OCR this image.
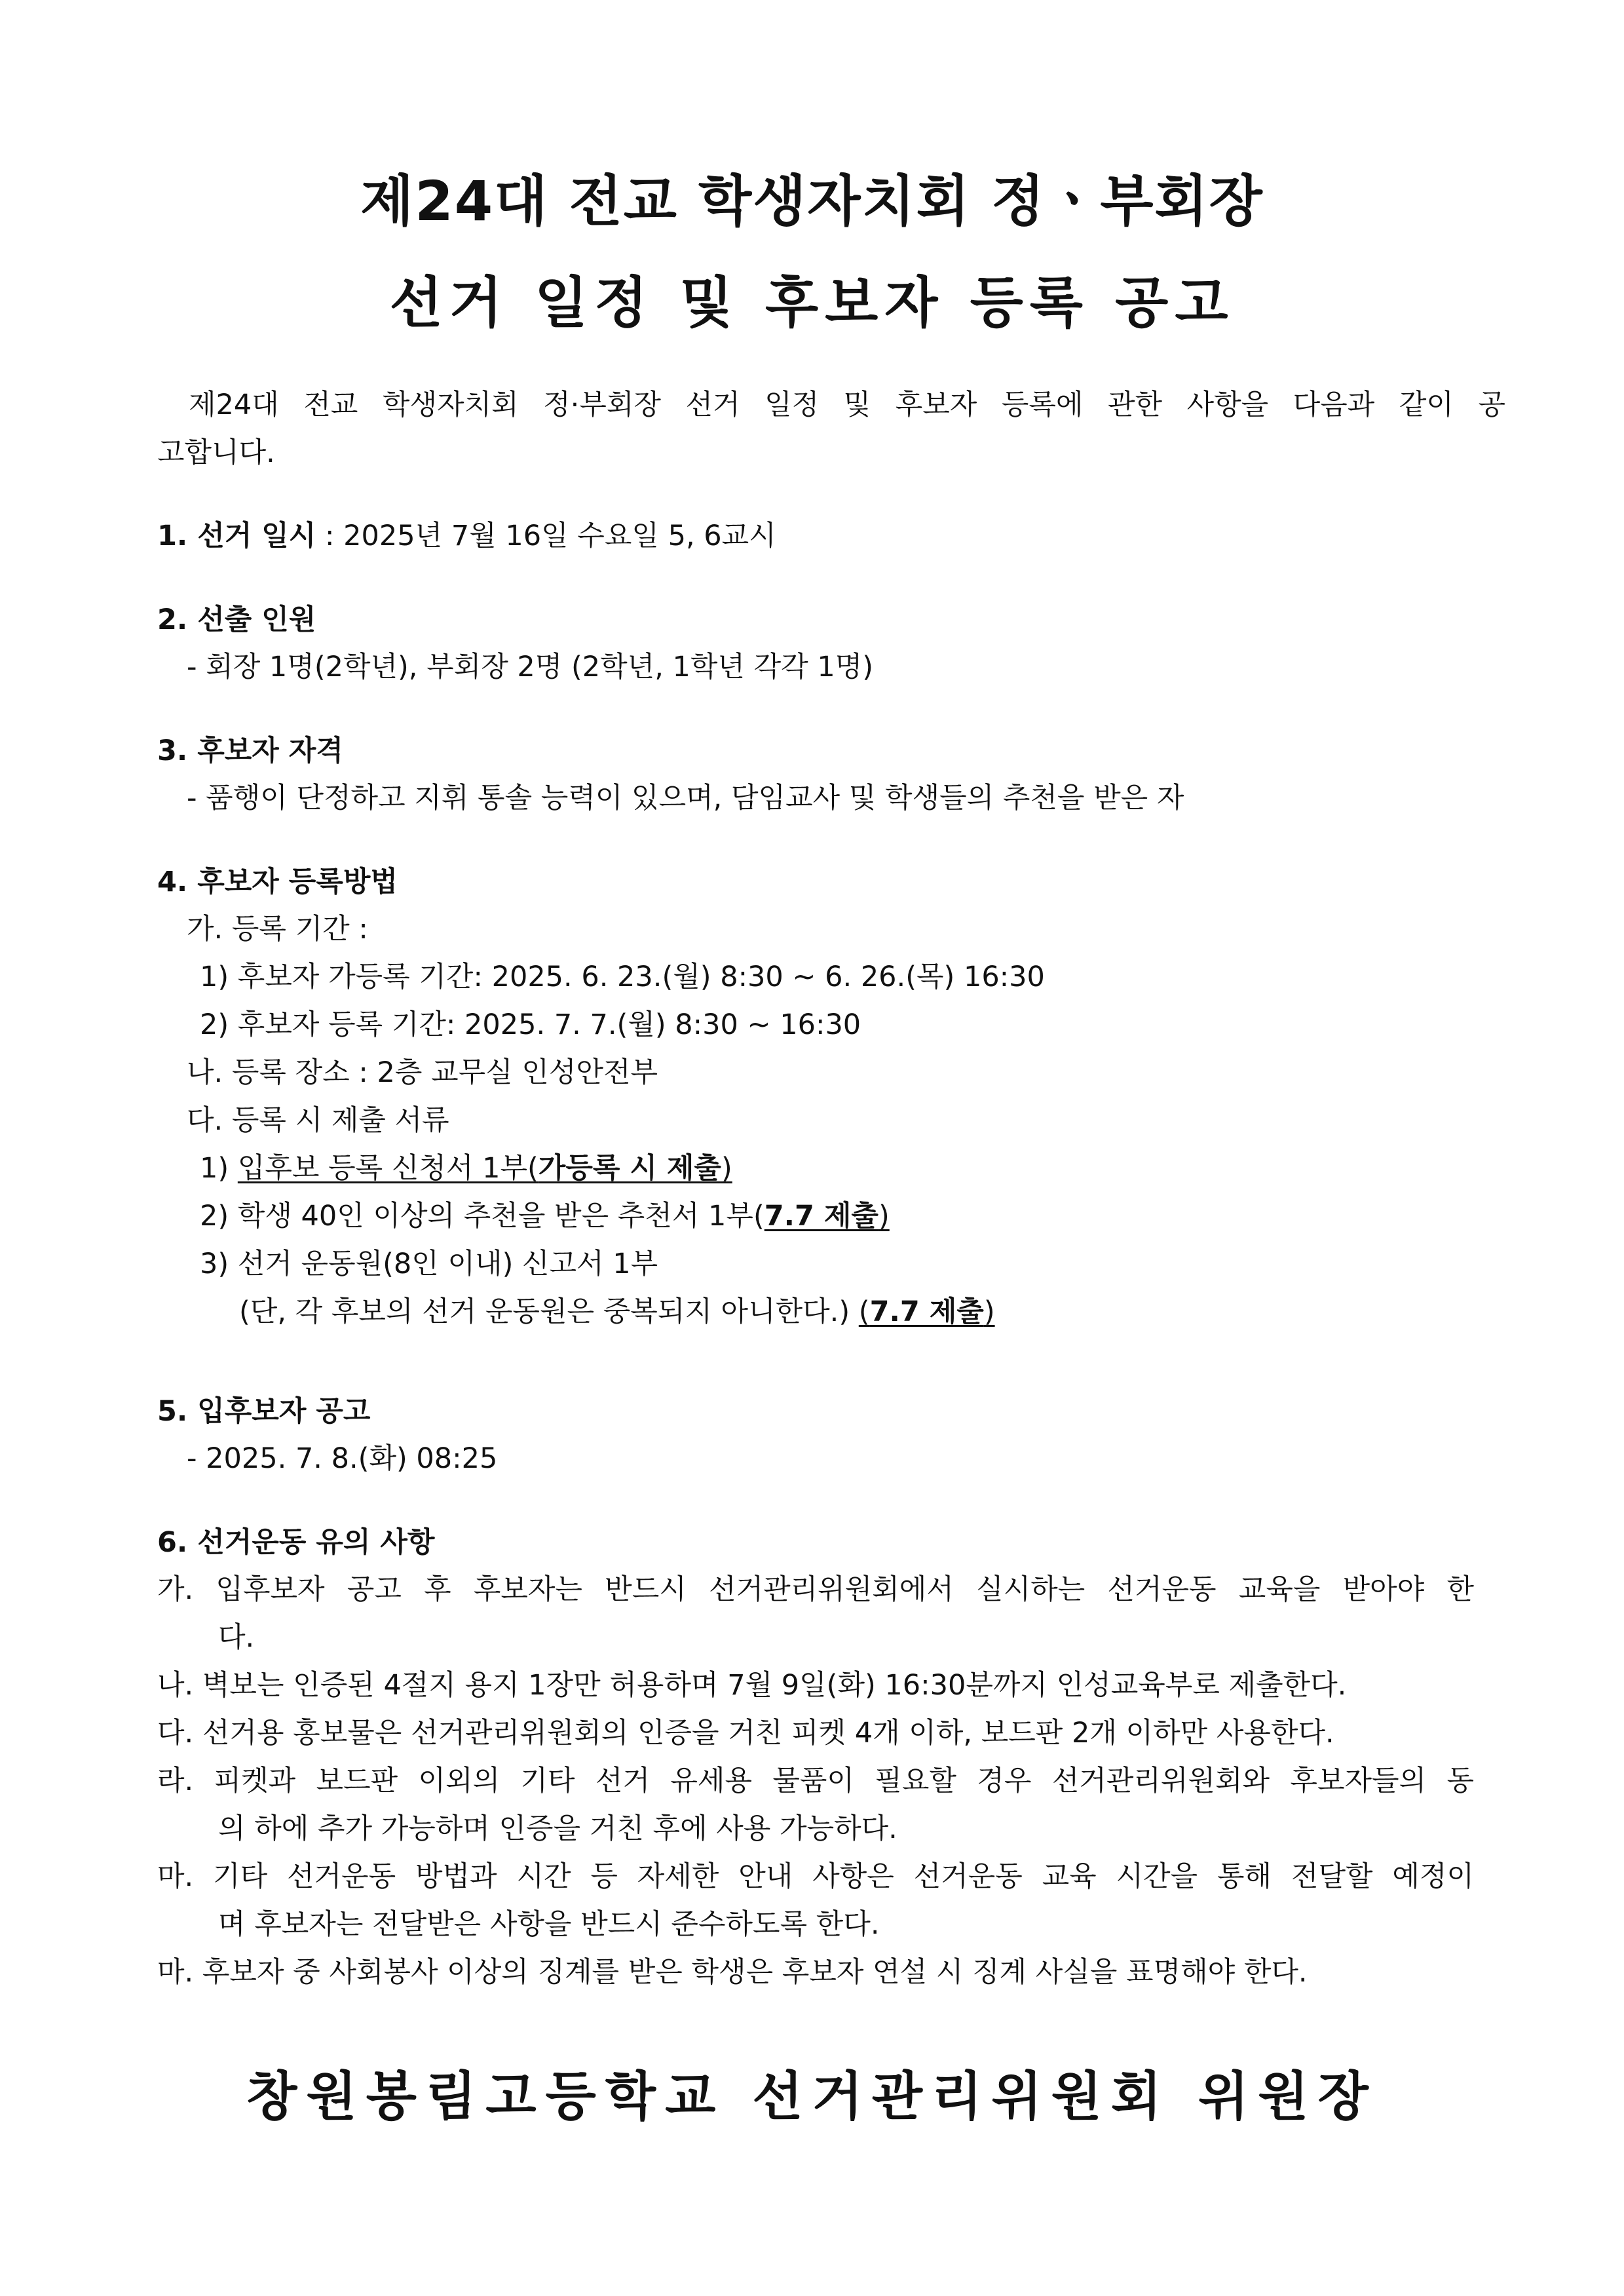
제24대 전교 학생자치회 정ㆍ부회장
선거 일정 및 후보자 등록 공고
제24대 전교 학생자치회 정·부회장 선거 일정 및 후보자 등록에 관한 사항을 다음과 같이 공
고합니다.
1. 선거 일시 : 2025년 7월 16일 수요일 5, 6교시
2. 선출 인원
- 회장 1명(2학년), 부회장 2명 (2학년, 1학년 각각 1명)
3. 후보자 자격
- 품행이 단정하고 지휘 통솔 능력이 있으며, 담임교사 및 학생들의 추천을 받은 자
4. 후보자 등록방법
가. 등록 기간 :
1) 후보자 가등록 기간: 2025. 6. 23.(월) 8:30 ~ 6. 26.(목) 16:30
2) 후보자 등록 기간: 2025. 7. 7.(월) 8:30 ~ 16:30
나. 등록 장소 : 2층 교무실 인성안전부
다. 등록 시 제출 서류
1) 입후보 등록 신청서 1부(가등록 시 제출)
2) 학생 40인 이상의 추천을 받은 추천서 1부(7.7 제출)
3) 선거 운동원(8인 이내) 신고서 1부
(단, 각 후보의 선거 운동원은 중복되지 아니한다.) (7.7 제출)
5. 입후보자 공고
- 2025. 7. 8.(화) 08:25
6. 선거운동 유의 사항
가. 입후보자 공고 후 후보자는 반드시 선거관리위원회에서 실시하는 선거운동 교육을 받아야 한
다.
나. 벽보는 인증된 4절지 용지 1장만 허용하며 7월 9일(화) 16:30분까지 인성교육부로 제출한다.
다. 선거용 홍보물은 선거관리위원회의 인증을 거친 피켓 4개 이하, 보드판 2개 이하만 사용한다.
라. 피켓과 보드판 이외의 기타 선거 유세용 물품이 필요할 경우 선거관리위원회와 후보자들의 동
의 하에 추가 가능하며 인증을 거친 후에 사용 가능하다.
마. 기타 선거운동 방법과 시간 등 자세한 안내 사항은 선거운동 교육 시간을 통해 전달할 예정이
며 후보자는 전달받은 사항을 반드시 준수하도록 한다.
마. 후보자 중 사회봉사 이상의 징계를 받은 학생은 후보자 연설 시 징계 사실을 표명해야 한다.
창원봉림고등학교 선거관리위원회 위원장
